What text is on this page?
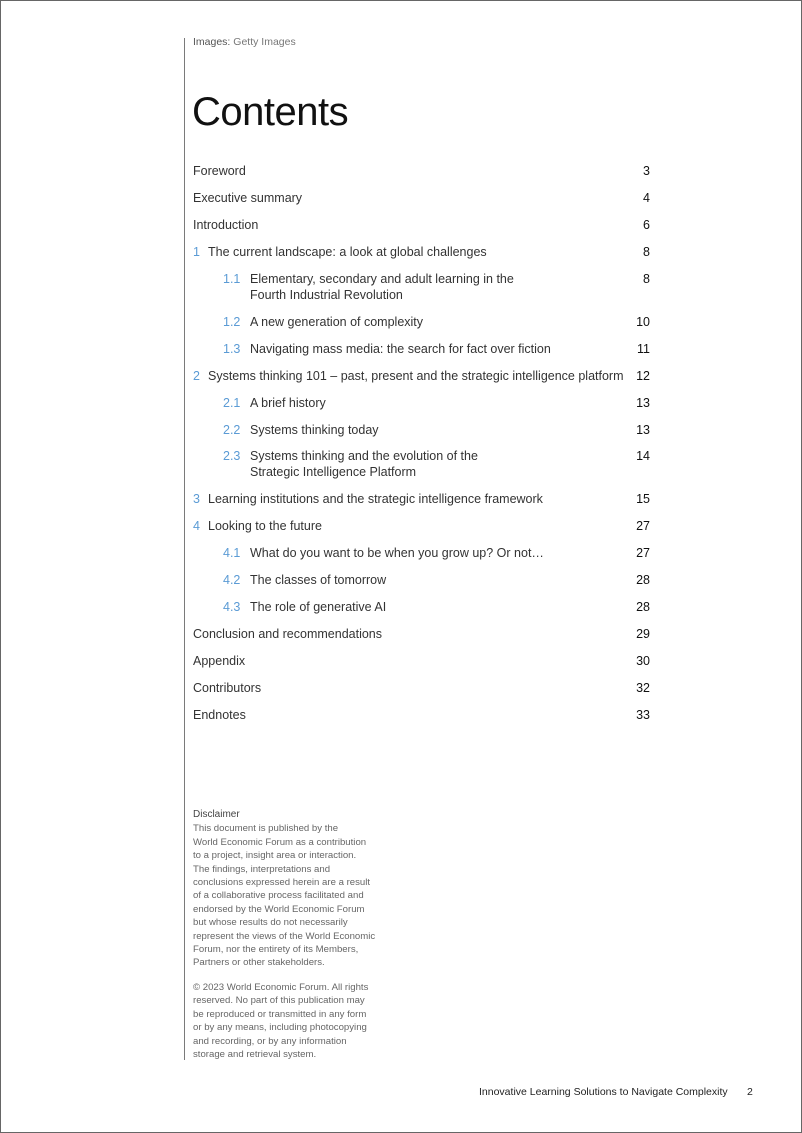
Images: Getty Images
Contents
Foreword	3
Executive summary	4
Introduction	6
1 The current landscape: a look at global challenges	8
1.1 Elementary, secondary and adult learning in the
Fourth Industrial Revolution
8
1.2 A new generation of complexity	10
1.3 Navigating mass media: the search for fact over fiction	11
2 Systems thinking 101 – past, present and the strategic intelligence platform 12
2.1 A brief history	13
2.2 Systems thinking today	13
2.3 Systems thinking and the evolution of the
Strategic Intelligence Platform
14
3 Learning institutions and the strategic intelligence framework	15
4 Looking to the future	27
4.1 What do you want to be when you grow up? Or not…	27
4.2 The classes of tomorrow	28
4.3 The role of generative AI	28
Conclusion and recommendations	29
Appendix	30
Contributors	32
Endnotes	33
Disclaimer

This document is published by the

World Economic Forum as a contribution

to a project, insight area or interaction.

The findings, interpretations and

conclusions expressed herein are a result

of a collaborative process facilitated and

endorsed by the World Economic Forum

but whose results do not necessarily

represent the views of the World Economic

Forum, nor the entirety of its Members,

Partners or other stakeholders.

© 2023 World Economic Forum. All rights

reserved. No part of this publication may

be reproduced or transmitted in any form

or by any means, including photocopying

and recording, or by any information

storage and retrieval system.

Innovative Learning Solutions to Navigate Complexity 2
